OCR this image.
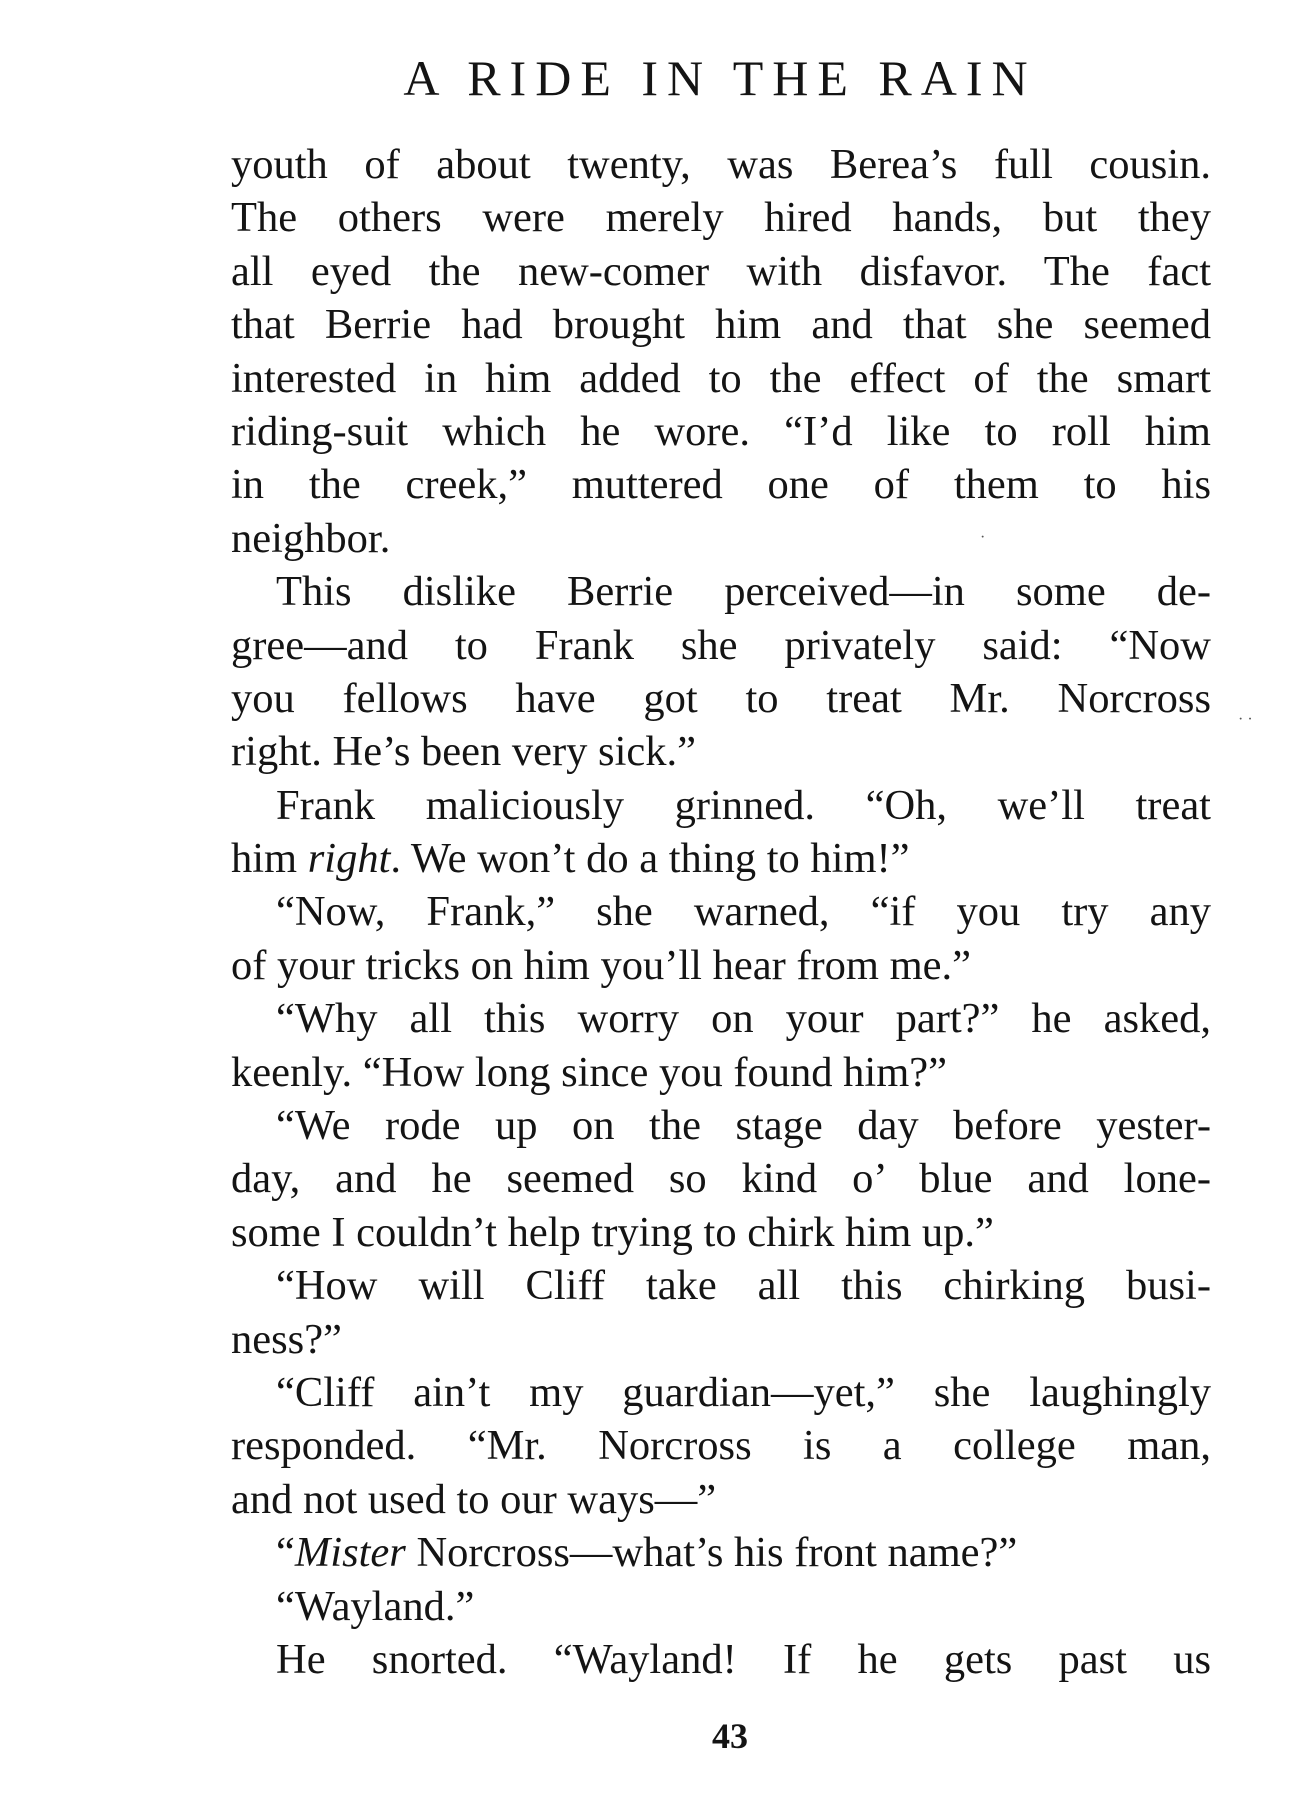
A RIDE IN THE RAIN
youth of about twenty, was Berea’s full cousin.
The others were merely hired hands, but they
all eyed the new-comer with disfavor. The fact
that Berrie had brought him and that she seemed
interested in him added to the effect of the smart
riding-suit which he wore. “I’d like to roll him
in the creek,” muttered one of them to his
neighbor.
This dislike Berrie perceived—in some de-
gree—and to Frank she privately said: “Now
you fellows have got to treat Mr. Norcross
right. He’s been very sick.”
Frank maliciously grinned. “Oh, we’ll treat
him right. We won’t do a thing to him!”
“Now, Frank,” she warned, “if you try any
of your tricks on him you’ll hear from me.”
“Why all this worry on your part?” he asked,
keenly. “How long since you found him?”
“We rode up on the stage day before yester-
day, and he seemed so kind o’ blue and lone-
some I couldn’t help trying to chirk him up.”
“How will Cliff take all this chirking busi-
ness?”
“Cliff ain’t my guardian—yet,” she laughingly
responded. “Mr. Norcross is a college man,
and not used to our ways—”
“Mister Norcross—what’s his front name?”
“Wayland.”
He snorted. “Wayland! If he gets past us
43
· ·
·
